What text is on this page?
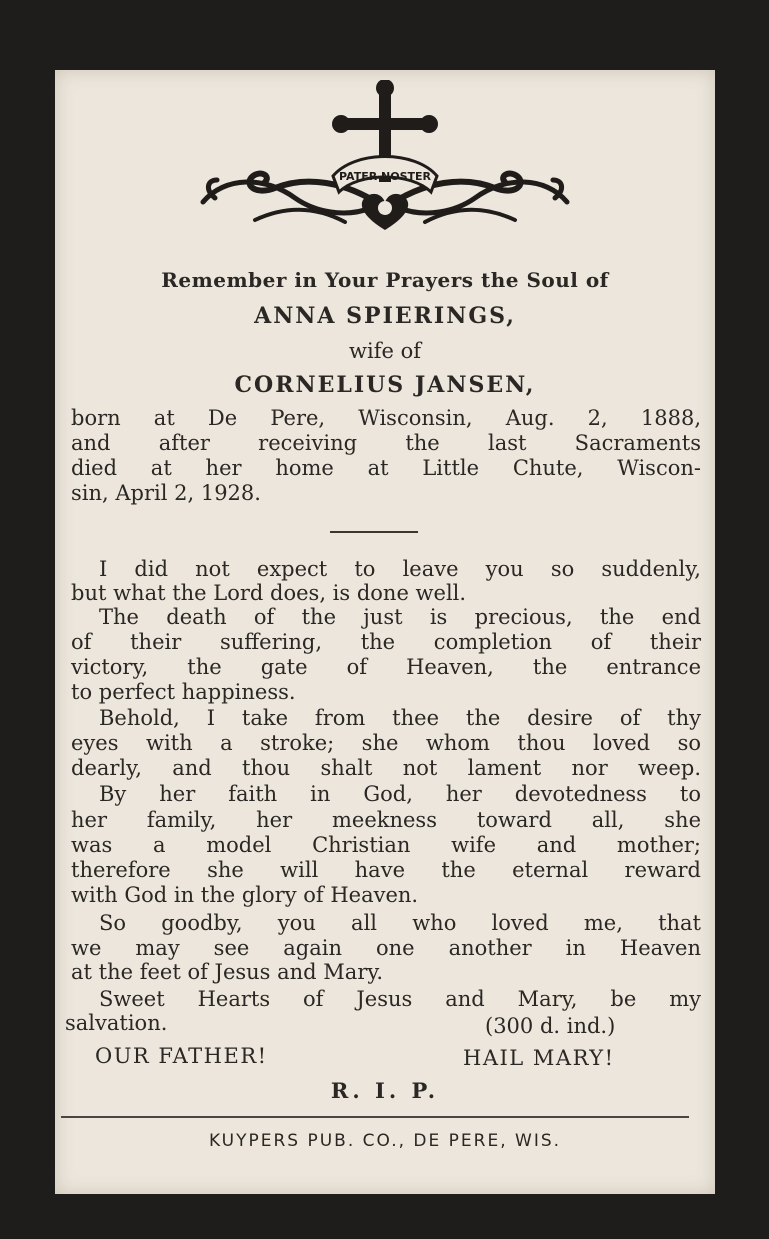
PATER NOSTER
Remember in Your Prayers the Soul of
ANNA SPIERINGS,
wife of
CORNELIUS JANSEN,
born at De Pere, Wisconsin, Aug. 2, 1888,
and after receiving the last Sacraments
died at her home at Little Chute, Wiscon-
sin, April 2, 1928.
I did not expect to leave you so suddenly,
but what the Lord does, is done well.
The death of the just is precious, the end
of their suffering, the completion of their
victory, the gate of Heaven, the entrance
to perfect happiness.
Behold, I take from thee the desire of thy
eyes with a stroke; she whom thou loved so
dearly, and thou shalt not lament nor weep.
By her faith in God, her devotedness to
her family, her meekness toward all, she
was a model Christian wife and mother;
therefore she will have the eternal reward
with God in the glory of Heaven.
So goodby, you all who loved me, that
we may see again one another in Heaven
at the feet of Jesus and Mary.
Sweet Hearts of Jesus and Mary, be my
salvation.	(300 d. ind.)
OUR FATHER!	HAIL MARY!
R. I. P.
KUYPERS PUB. CO., DE PERE, WIS.
